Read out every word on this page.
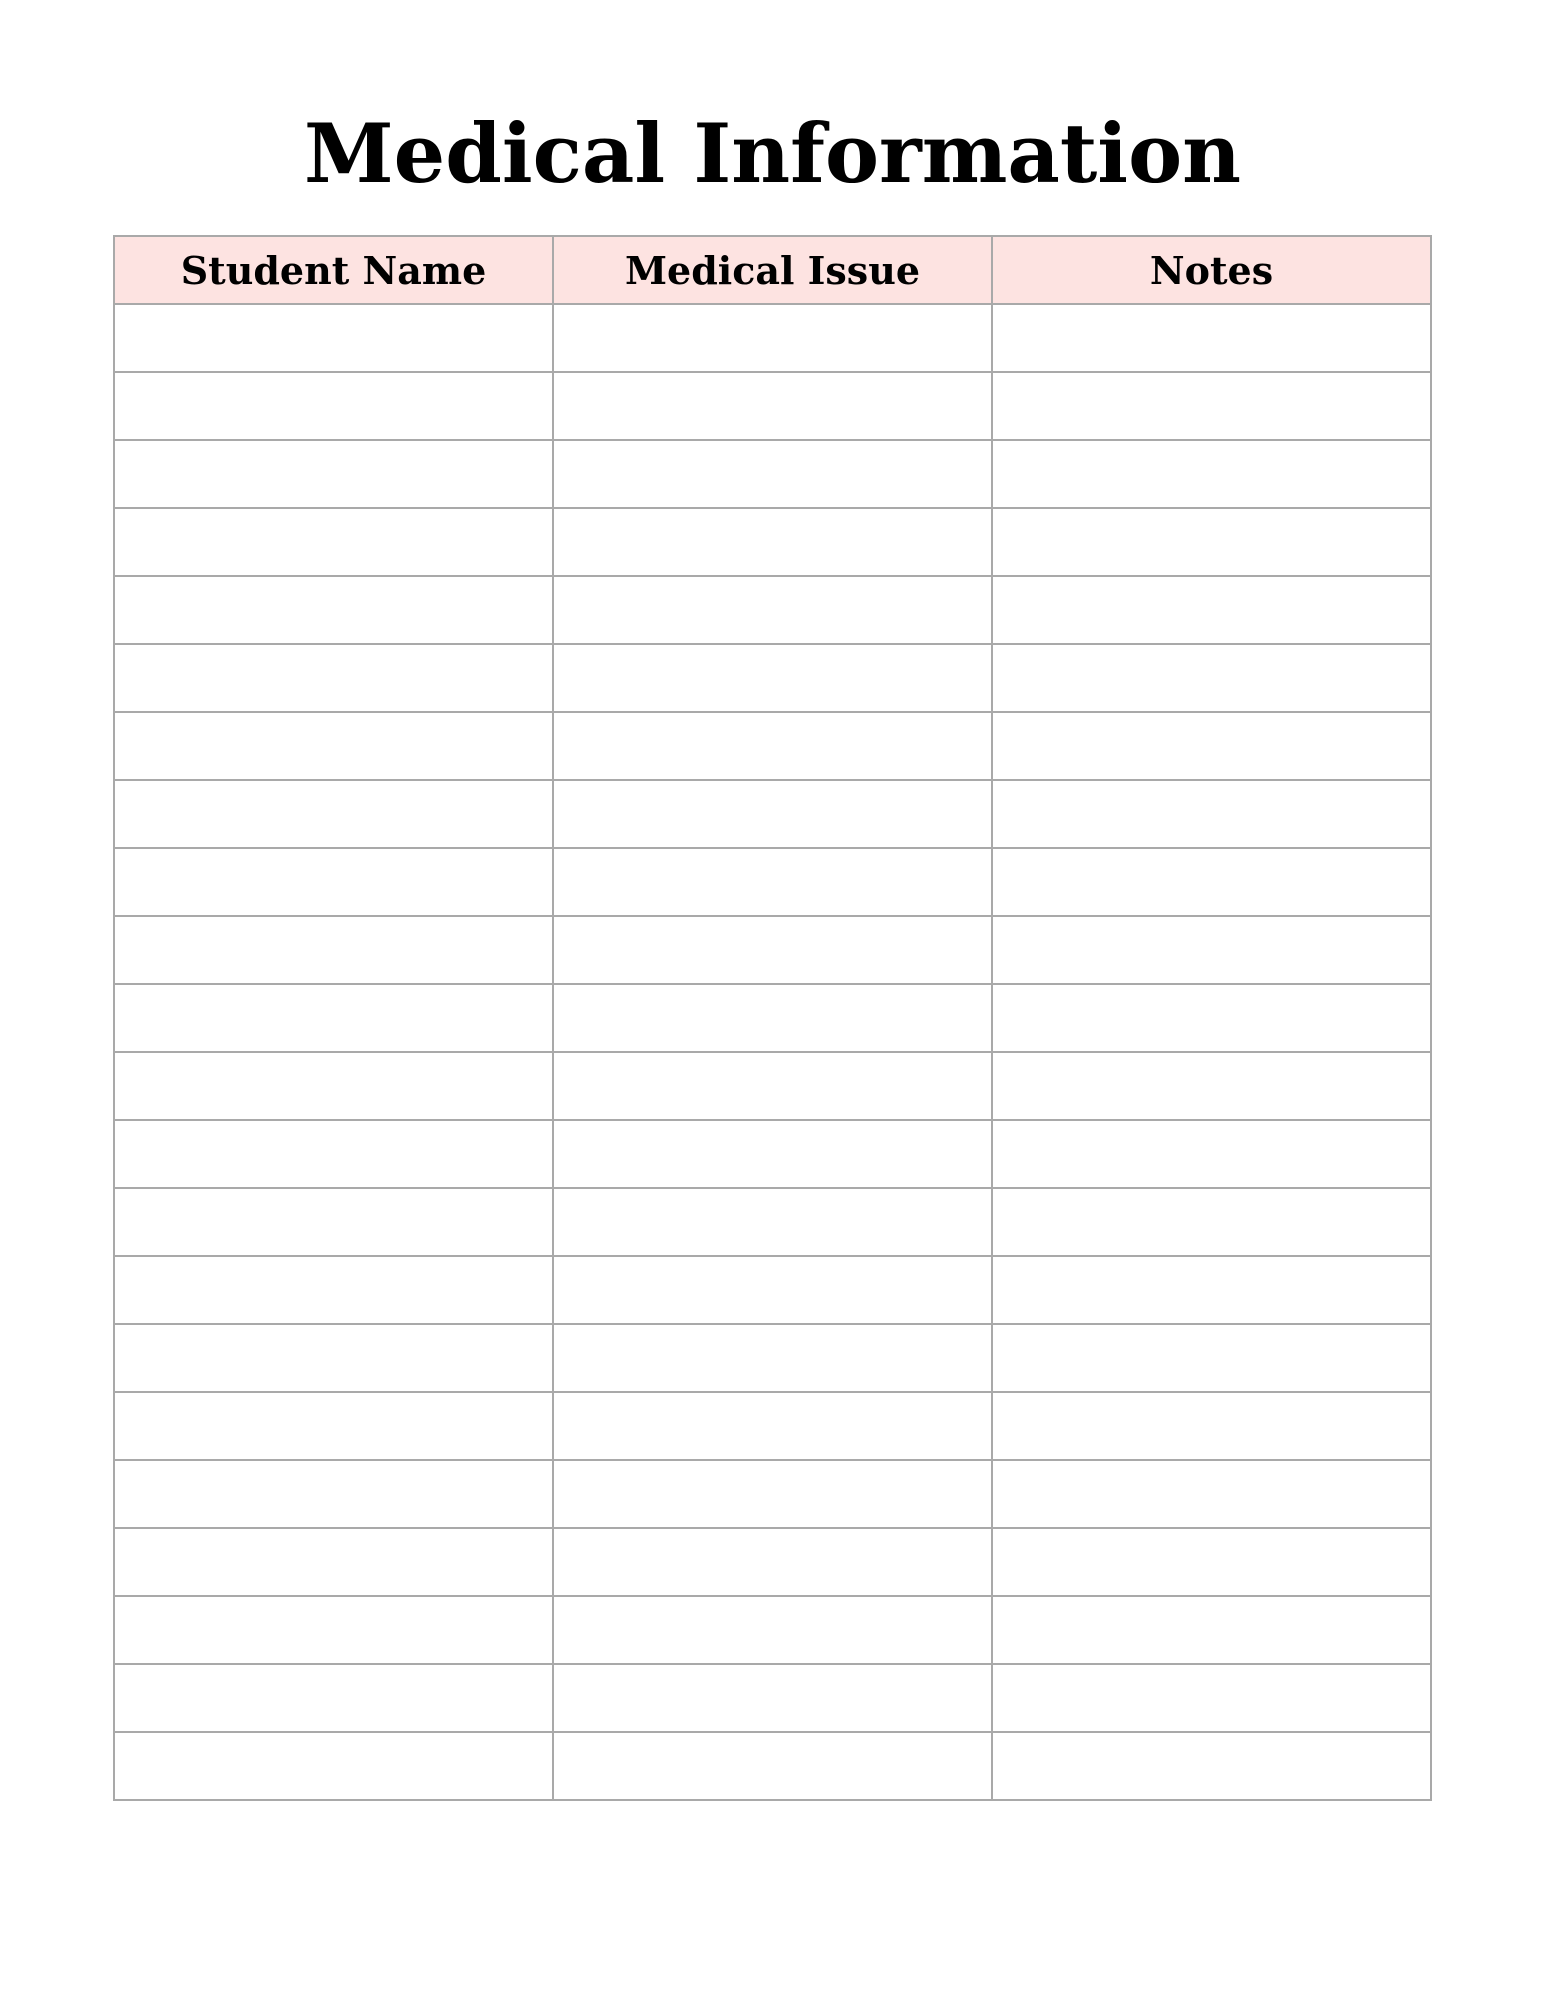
Medical Information
Student Name	Medical Issue	Notes
